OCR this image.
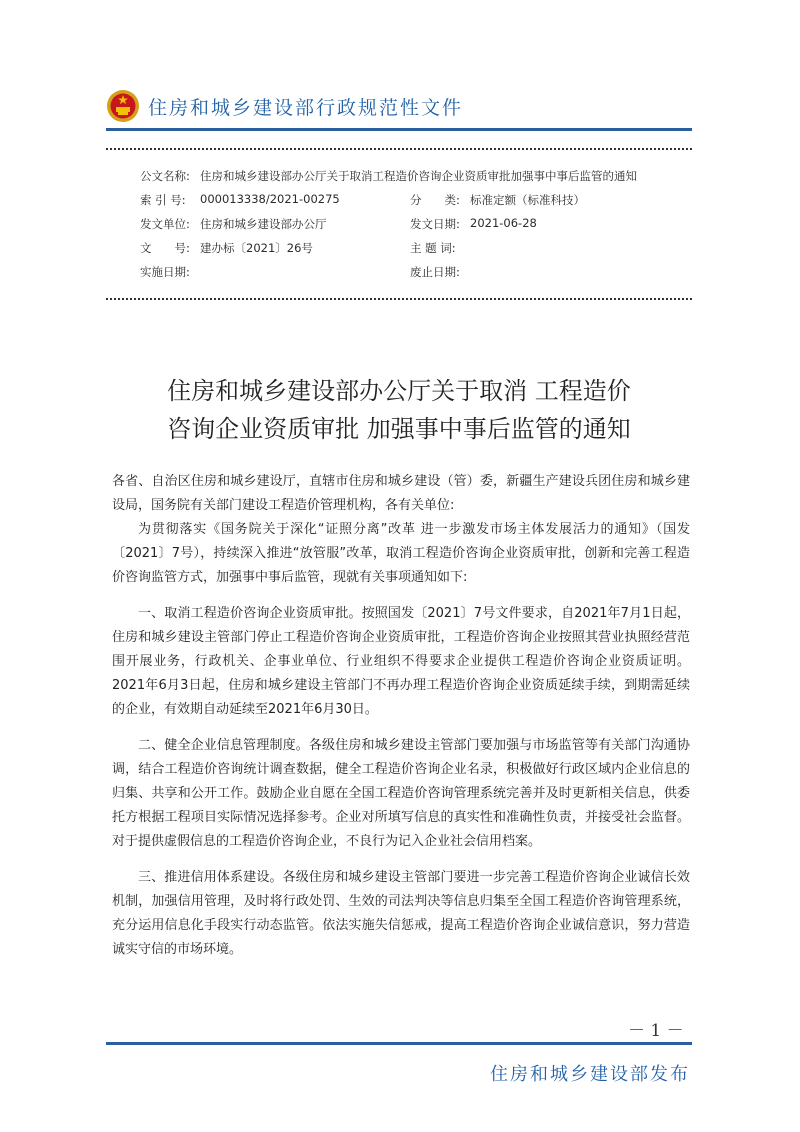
住房和城乡建设部行政规范性文件
公文名称: 住房和城乡建设部办公厅关于取消工程造价咨询企业资质审批加强事中事后监管的通知
索 引 号:	000013338/2021-00275	分　　类: 标准定额（标准科技）
发文单位: 住房和城乡建设部办公厅	发文日期: 2021-06-28
文　　号: 建办标〔2021〕26号	主 题 词:
实施日期:	废止日期:
住房和城乡建设部办公厅关于取消 工程造价
咨询企业资质审批 加强事中事后监管的通知

各省、自治区住房和城乡建设厅，直辖市住房和城乡建设（管）委，新疆生产建设兵团住房和城乡建设局，国务院有关部门建设工程造价管理机构，各有关单位:

为贯彻落实《国务院关于深化“证照分离”改革 进一步激发市场主体发展活力的通知》（国发〔2021〕7号），持续深入推进“放管服”改革，取消工程造价咨询企业资质审批，创新和完善工程造价咨询监管方式，加强事中事后监管，现就有关事项通知如下:

一、取消工程造价咨询企业资质审批。按照国发〔2021〕7号文件要求，自2021年7月1日起，住房和城乡建设主管部门停止工程造价咨询企业资质审批，工程造价咨询企业按照其营业执照经营范围开展业务，行政机关、企事业单位、行业组织不得要求企业提供工程造价咨询企业资质证明。2021年6月3日起，住房和城乡建设主管部门不再办理工程造价咨询企业资质延续手续，到期需延续的企业，有效期自动延续至2021年6月30日。

二、健全企业信息管理制度。各级住房和城乡建设主管部门要加强与市场监管等有关部门沟通协调，结合工程造价咨询统计调查数据，健全工程造价咨询企业名录，积极做好行政区域内企业信息的归集、共享和公开工作。鼓励企业自愿在全国工程造价咨询管理系统完善并及时更新相关信息，供委托方根据工程项目实际情况选择参考。企业对所填写信息的真实性和准确性负责，并接受社会监督。对于提供虚假信息的工程造价咨询企业，不良行为记入企业社会信用档案。

三、推进信用体系建设。各级住房和城乡建设主管部门要进一步完善工程造价咨询企业诚信长效机制，加强信用管理，及时将行政处罚、生效的司法判决等信息归集至全国工程造价咨询管理系统，充分运用信息化手段实行动态监管。依法实施失信惩戒，提高工程造价咨询企业诚信意识，努力营造诚实守信的市场环境。

－ 1 －
住房和城乡建设部发布
